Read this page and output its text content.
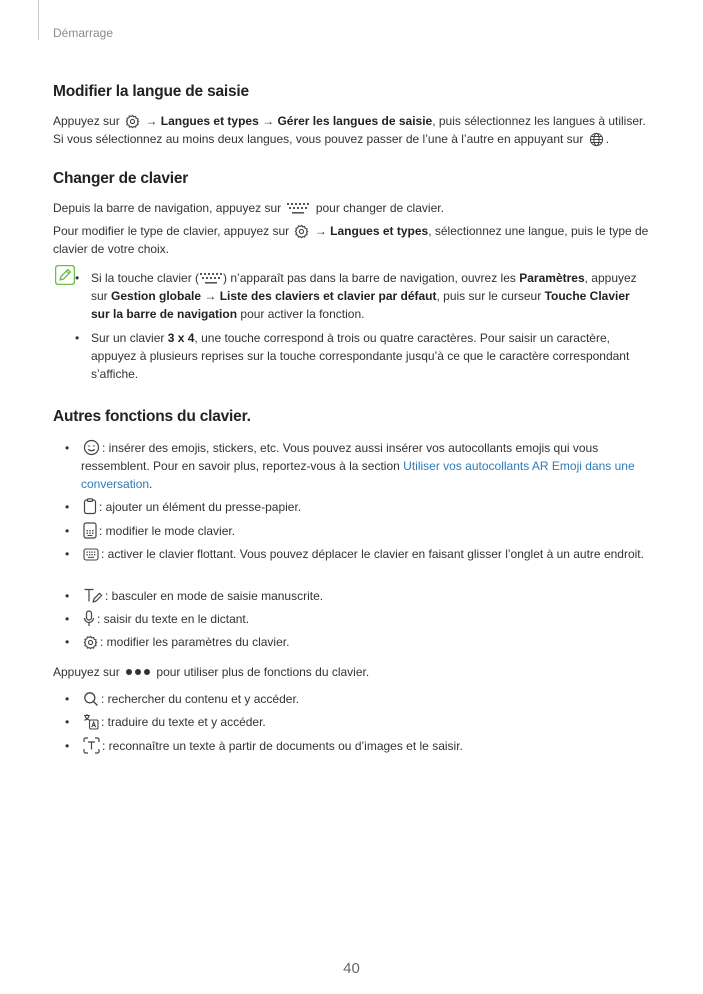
Démarrage
Modifier la langue de saisie

Appuyez sur → Langues et types → Gérer les langues de saisie, puis sélectionnez les langues à utiliser.

Si vous sélectionnez au moins deux langues, vous pouvez passer de l’une à l’autre en appuyant sur .

Changer de clavier

Depuis la barre de navigation, appuyez sur	pour changer de clavier.

Pour modifier le type de clavier, appuyez sur → Langues et types, sélectionnez une langue, puis le type de clavier de votre choix.

• Si la touche clavier ( ) n’apparaît pas dans la barre de navigation, ouvrez les Paramètres, appuyez sur Gestion globale → Liste des claviers et clavier par défaut, puis sur le curseur Touche Clavier sur la barre de navigation pour activer la fonction.
• Sur un clavier 3 x 4, une touche correspond à trois ou quatre caractères. Pour saisir un caractère, appuyez à plusieurs reprises sur la touche correspondante jusqu’à ce que le caractère correspondant s’affiche.
Autres fonctions du clavier.
•	: insérer des emojis, stickers, etc. Vous pouvez aussi insérer vos autocollants emojis qui vous ressemblent. Pour en savoir plus, reportez-vous à la section Utiliser vos autocollants AR Emoji dans une conversation.
• : ajouter un élément du presse-papier.
• : modifier le mode clavier.
•	: activer le clavier flottant. Vous pouvez déplacer le clavier en faisant glisser l’onglet à un autre endroit.
•	: basculer en mode de saisie manuscrite.
• : saisir du texte en le dictant.
•	: modifier les paramètres du clavier.

Appuyez sur	pour utiliser plus de fonctions du clavier.

•	: rechercher du contenu et y accéder.
•	: traduire du texte et y accéder.
•	: reconnaître un texte à partir de documents ou d’images et le saisir.
40
